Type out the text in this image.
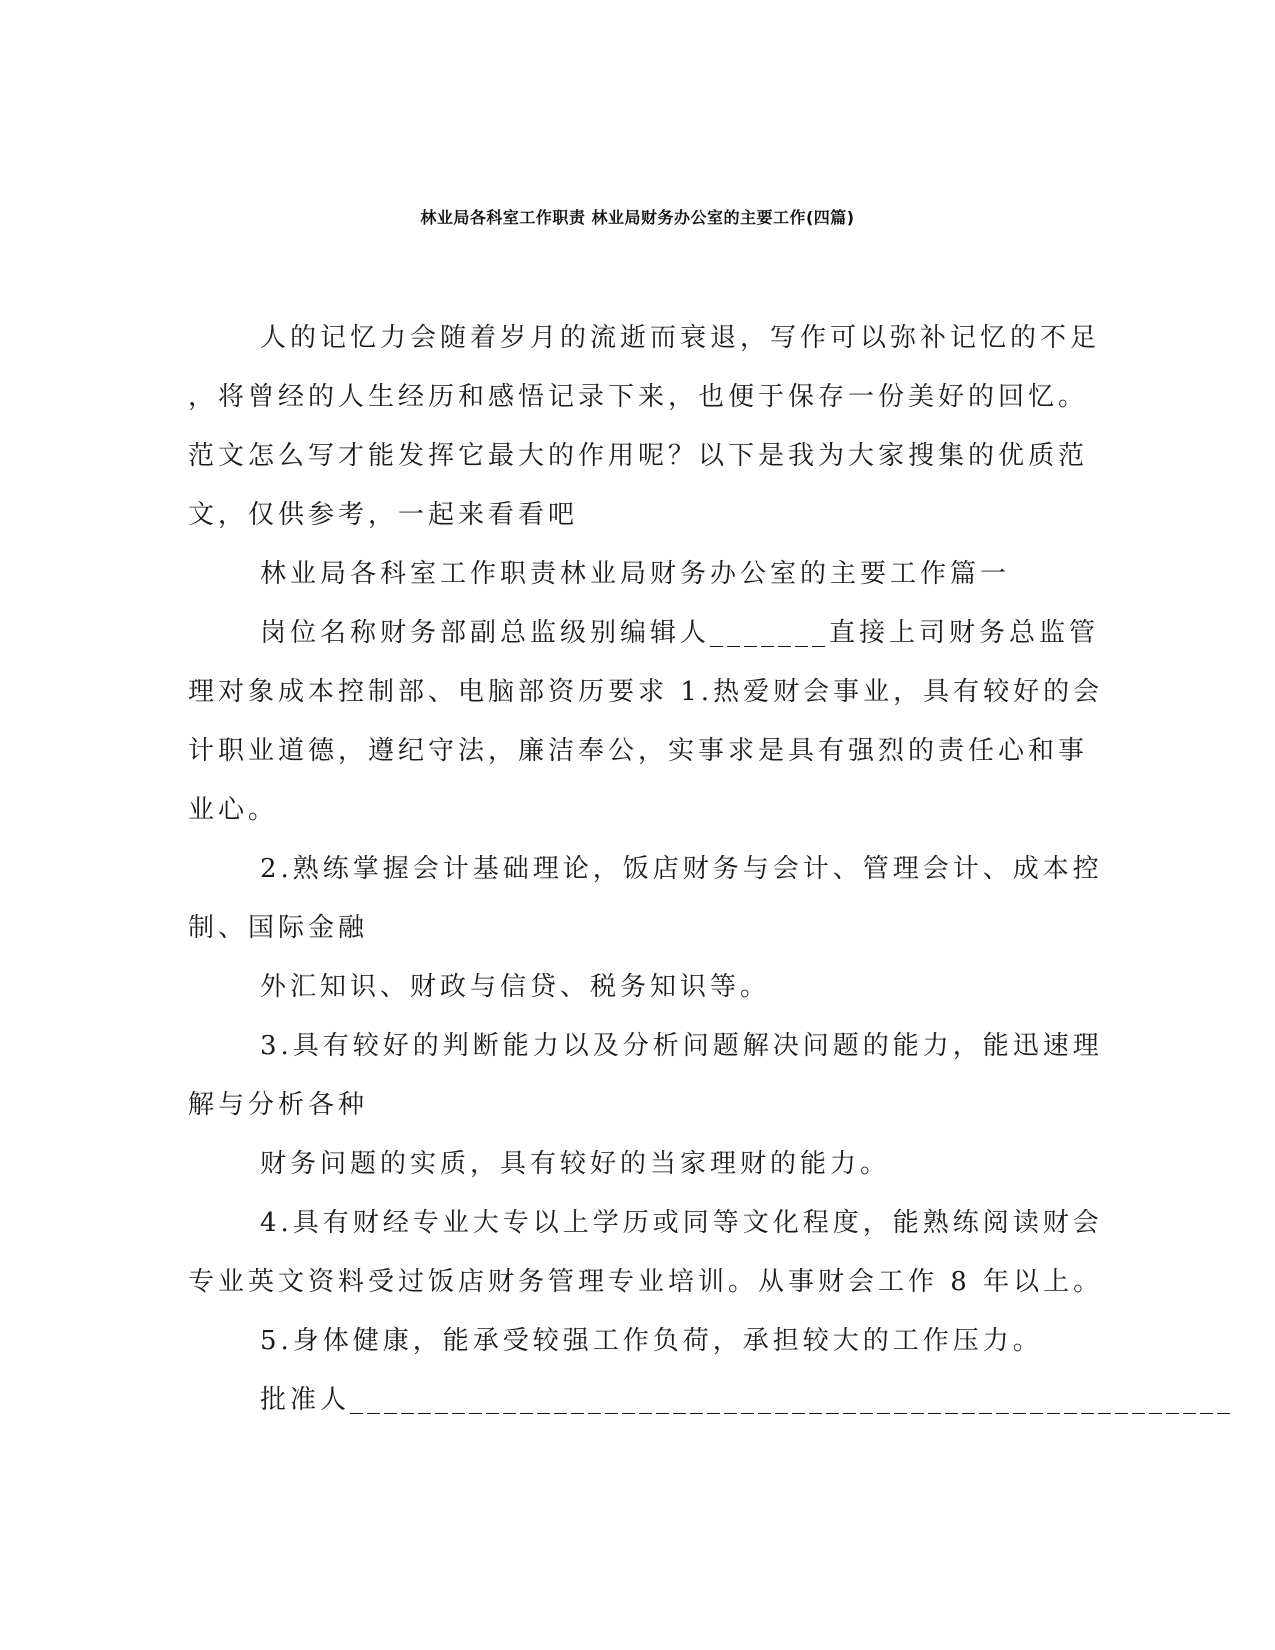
林业局各科室工作职责 林业局财务办公室的主要工作(四篇)
人的记忆力会随着岁月的流逝而衰退，写作可以弥补记忆的不足
，将曾经的人生经历和感悟记录下来，也便于保存一份美好的回忆。
范文怎么写才能发挥它最大的作用呢？以下是我为大家搜集的优质范
文，仅供参考，一起来看看吧
林业局各科室工作职责林业局财务办公室的主要工作篇一
岗位名称财务部副总监级别编辑人_______直接上司财务总监管
理对象成本控制部、电脑部资历要求 1.热爱财会事业，具有较好的会
计职业道德，遵纪守法，廉洁奉公，实事求是具有强烈的责任心和事
业心。
2.熟练掌握会计基础理论，饭店财务与会计、管理会计、成本控
制、国际金融
外汇知识、财政与信贷、税务知识等。
3.具有较好的判断能力以及分析问题解决问题的能力，能迅速理
解与分析各种
财务问题的实质，具有较好的当家理财的能力。
4.具有财经专业大专以上学历或同等文化程度，能熟练阅读财会
专业英文资料受过饭店财务管理专业培训。从事财会工作 8 年以上。
5.身体健康，能承受较强工作负荷，承担较大的工作压力。
批准人____________________________________________________
